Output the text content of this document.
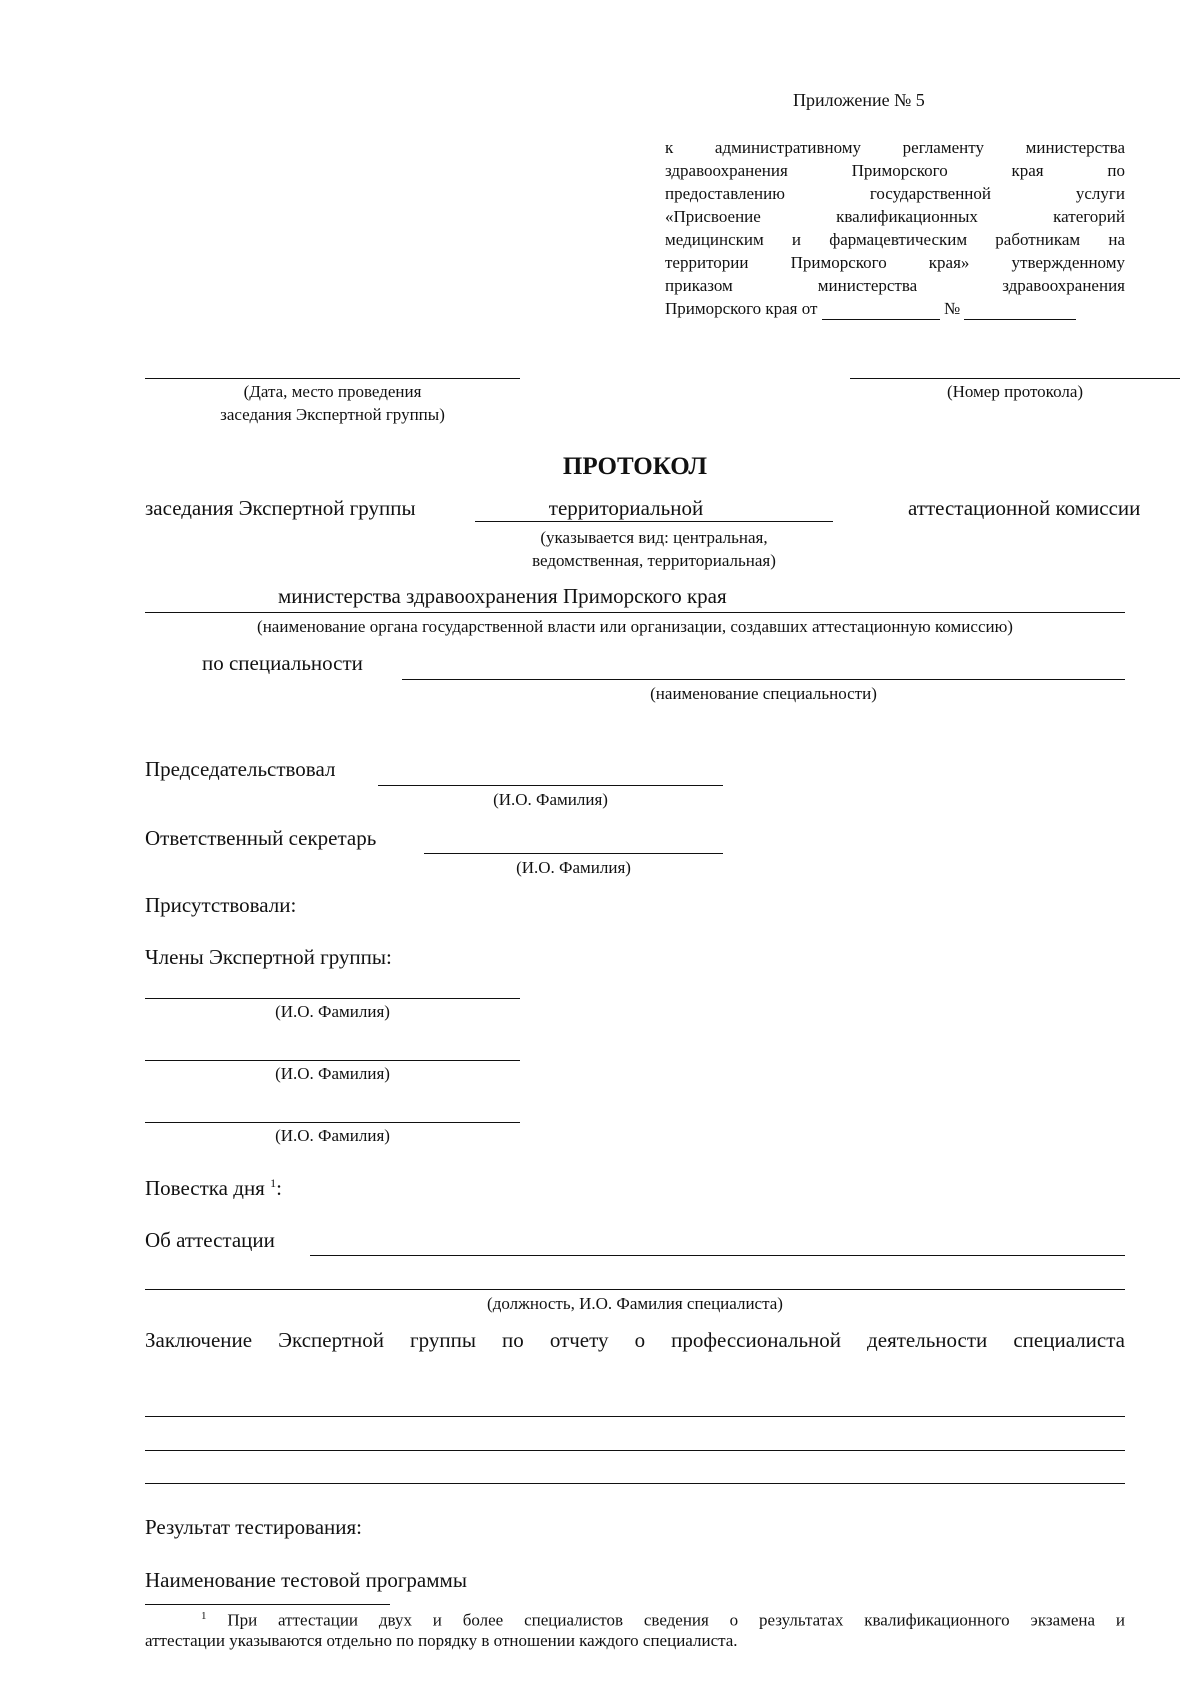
Приложение № 5
к административному регламенту министерства
здравоохранения Приморского края по
предоставлению государственной услуги
«Присвоение квалификационных категорий
медицинским и фармацевтическим работникам на
территории Приморского края» утвержденному
приказом министерства здравоохранения
Приморского края от	№
(Дата, место проведения
заседания Экспертной группы)
(Номер протокола)
ПРОТОКОЛ
заседания Экспертной группы	территориальной	аттестационной комиссии
(указывается вид: центральная,
ведомственная, территориальная)
министерства здравоохранения Приморского края
(наименование органа государственной власти или организации, создавших аттестационную комиссию)
по специальности
(наименование специальности)
Председательствовал
(И.О. Фамилия)
Ответственный секретарь
(И.О. Фамилия)
Присутствовали:
Члены Экспертной группы:
(И.О. Фамилия)
(И.О. Фамилия)
(И.О. Фамилия)
Повестка дня $^1$:
Об аттестации
(должность, И.О. Фамилия специалиста)
Заключение Экспертной группы по отчету о профессиональной деятельности специалиста
Результат тестирования:
Наименование тестовой программы
$^1$ При аттестации двух и более специалистов сведения о результатах квалификационного экзамена и
аттестации указываются отдельно по порядку в отношении каждого специалиста.
